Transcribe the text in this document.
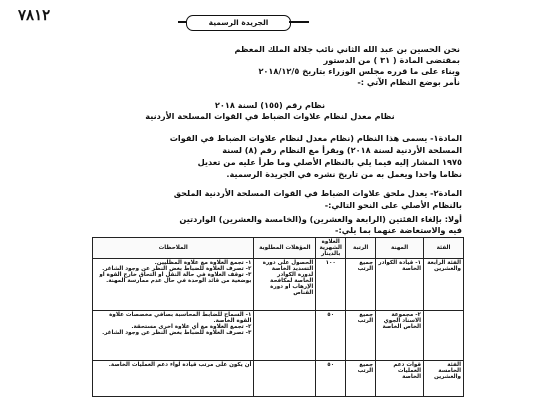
٧٨١٢	الجريدة الرسمية
نحن الحسين بن عبد الله الثاني نائب جلالة الملك المعظم
بمقتضى المادة ( ٣١ ) من الدستور
وبناء على ما قرره مجلس الوزراء بتاريخ ٢٠١٨/١٢/٥
نأمر بوضع النظام الآتي :-
نظام رقم (١٥٥) لسنة ٢٠١٨
نظام معدل لنظام علاوات الضباط في القوات المسلحة الأردنية
المادة١- يسمى هذا النظام (نظام معدل لنظام علاوات الضباط في القوات
المسلحة الأردنية لسنة ٢٠١٨) ويقرأ مع النظام رقم (٨) لسنة
١٩٧٥ المشار إليه فيما يلي بالنظام الأصلي وما طرأ عليه من تعديل
نظاما واحدا ويعمل به من تاريخ نشره في الجريدة الرسمية.
المادة٢- يعدل ملحق علاوات الضباط في القوات المسلحة الأردنية الملحق
بالنظام الأصلي على النحو التالي:-
أولا: بإلغاء الفئتين (الرابعة والعشرين) و(الخامسة والعشرين) الواردتين
فيه والاستعاضة عنهما بما يلي:-
الفئة	المهنة	الرتبة	العلاوة الشهرية بالدينار	المؤهلات المطلوبة	الملاحظات
الفئة الرابعة والعشرين	١- قيادة الكوادر الخاصة	جميع الرتب	١٠٠	الحصول على دورة التسديد الخاصة لدورة الكوادر الخاصة لمكافحة الإرهاب او دورة القناص	١- تجمع العلاوة مع علاوة المظليين.
٢- تصرف العلاوة للضباط بغض النظر عن وجود الشاغر.
٣- توقف العلاوة في حالة النقل او التحاق خارج القوة او بوضعية من قائد الوحدة في حال عدم ممارسة المهنة.
	٢- مجموعة الاسناد الجوي الخاص الخاصة	جميع الرتب	٥٠		١- السماح للضابط المحاسبة بصافي مخصصات علاوة القوة الخاصة.
٢- تجمع العلاوة مع أي علاوة اخرى مستحقة.
٣- تصرف العلاوة للضباط بغض النظر عن وجود الشاغر.
الفئة الخامسة والعشرين	قوات دعم العمليات الخاصة	جميع الرتب	٥٠		أن يكون على مرتب قيادة لواء دعم العمليات الخاصة.
